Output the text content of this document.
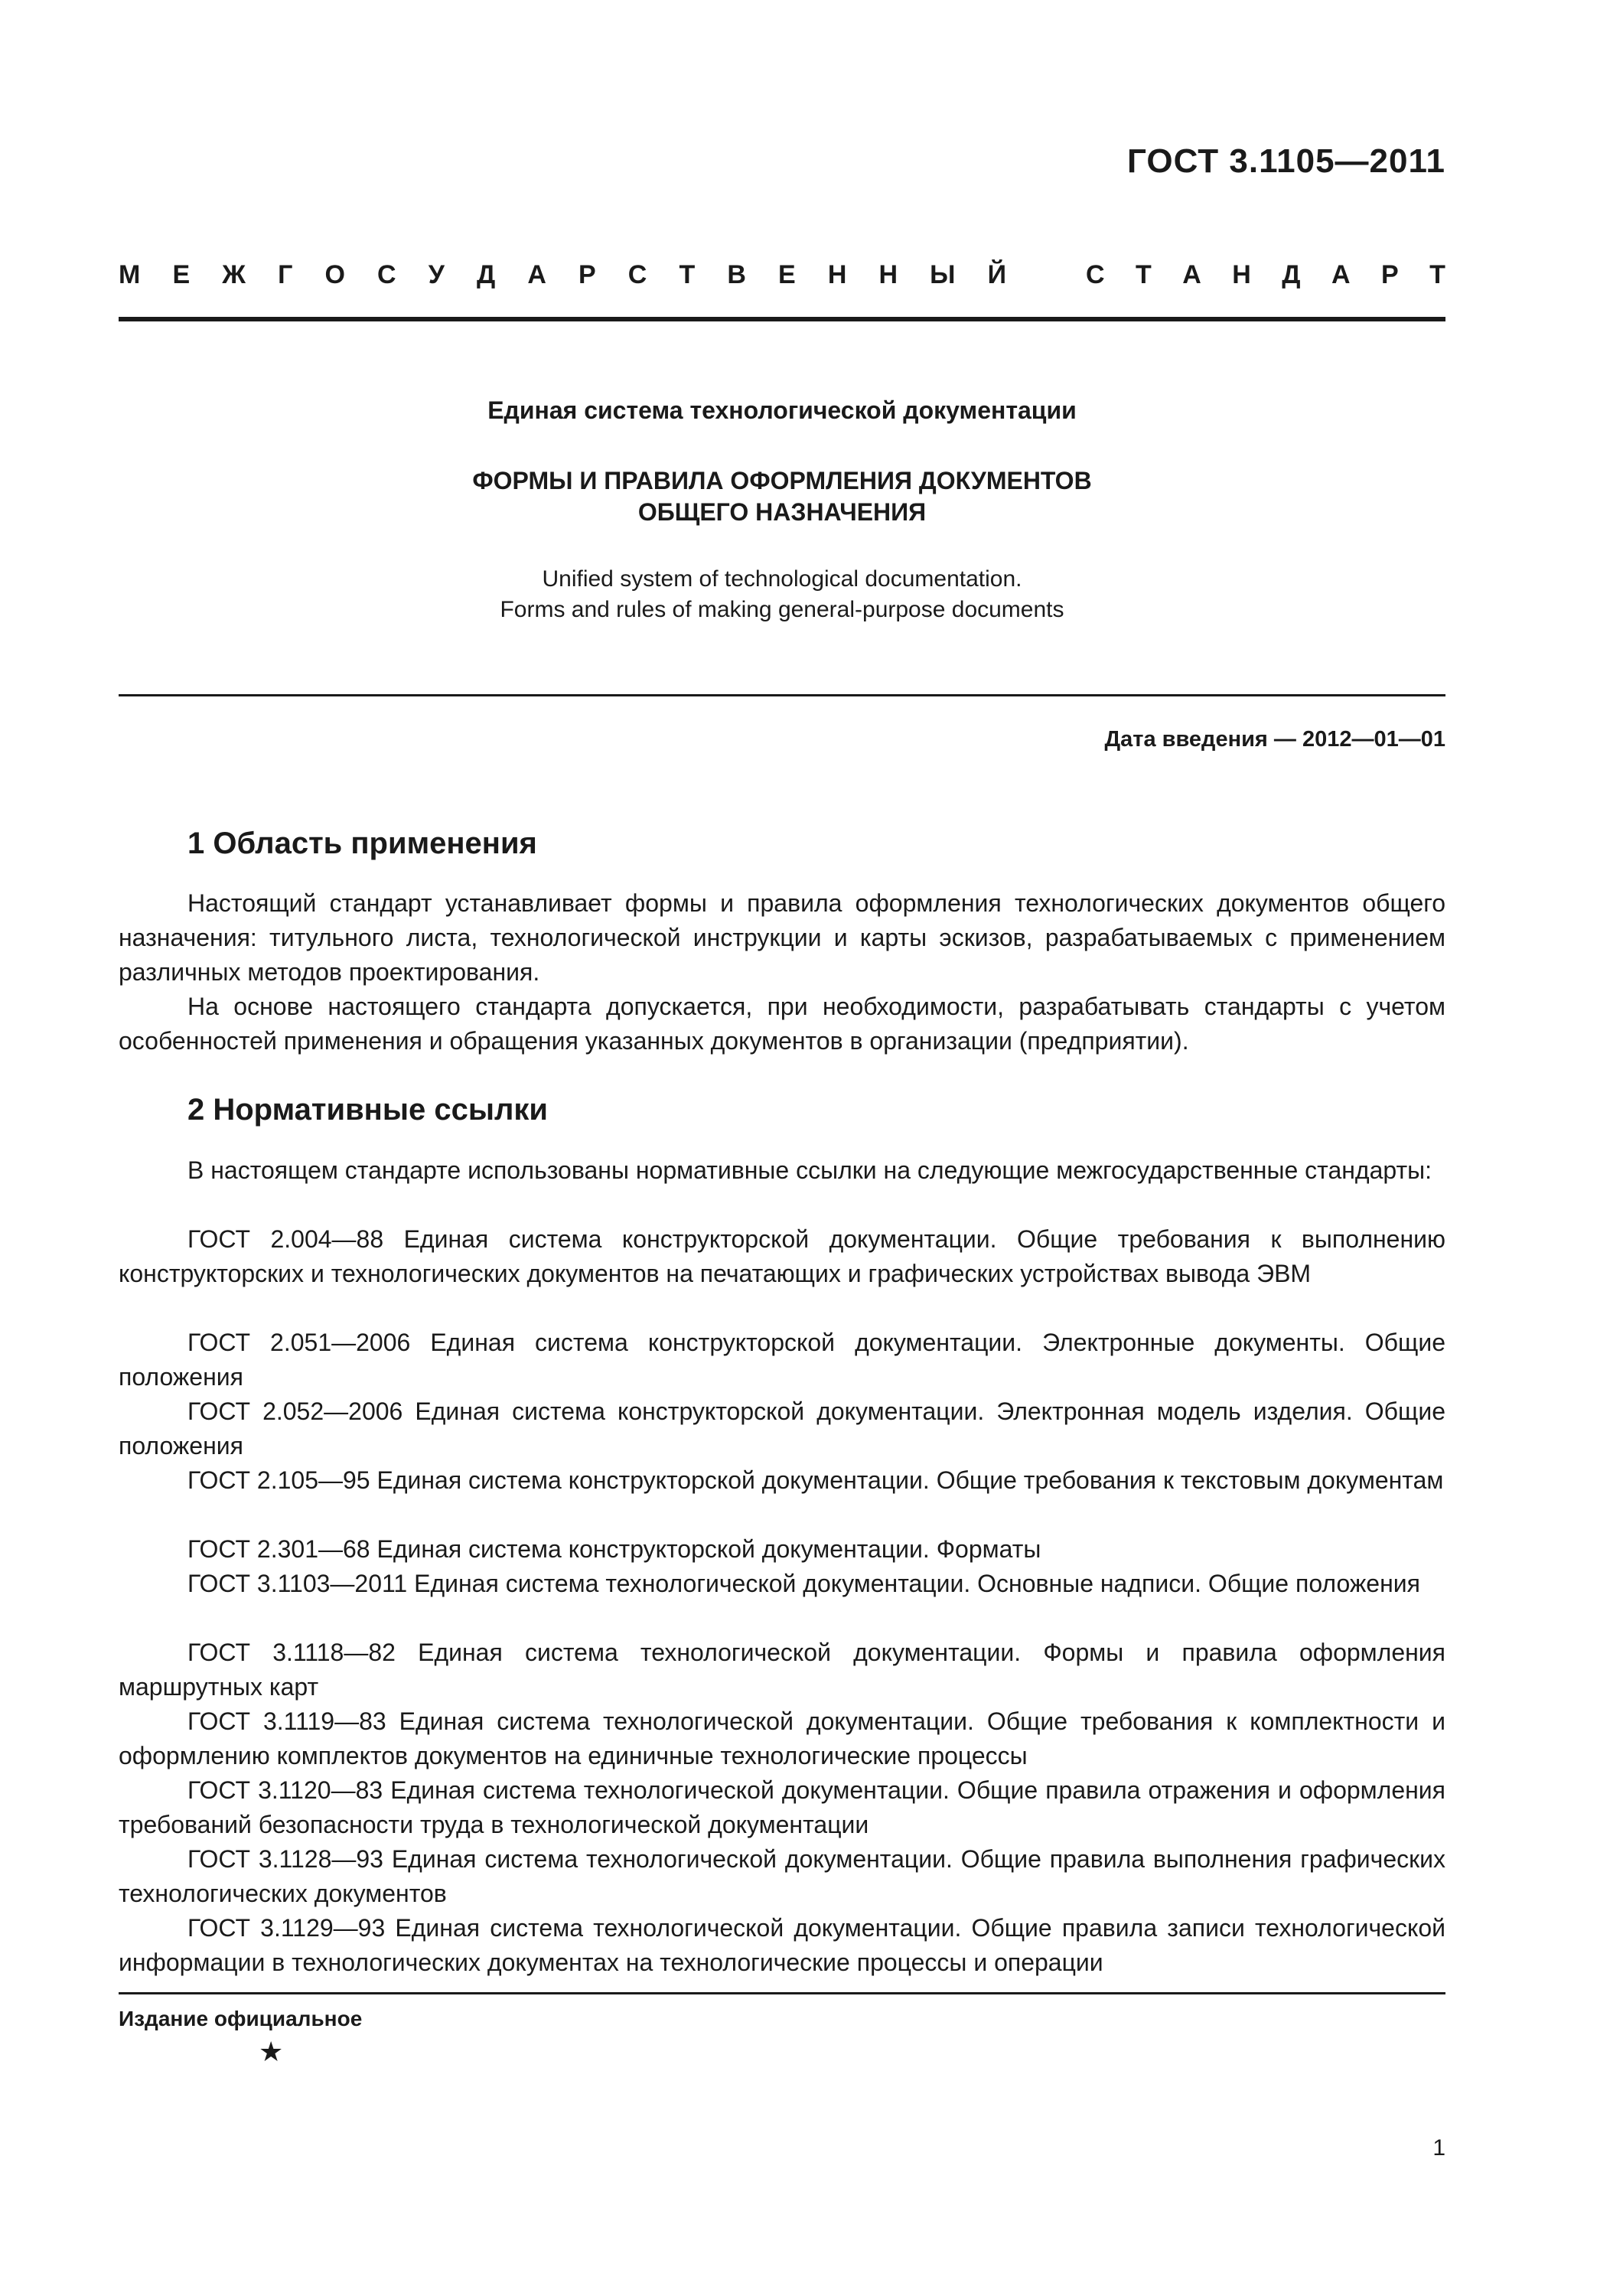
ГОСТ 3.1105—2011
М Е Ж Г О С У Д А Р С Т В Е Н Н Ы Й	С Т А Н Д А Р Т
Единая система технологической документации
ФОРМЫ И ПРАВИЛА ОФОРМЛЕНИЯ ДОКУМЕНТОВ
ОБЩЕГО НАЗНАЧЕНИЯ
Unified system of technological documentation.
Forms and rules of making general-purpose documents
Дата введения — 2012—01—01
1 Область применения
Настоящий стандарт устанавливает формы и правила оформления технологических документов общего назначения: титульного листа, технологической инструкции и карты эскизов, разрабатываемых с применением различных методов проектирования.
На основе настоящего стандарта допускается, при необходимости, разрабатывать стандарты с учетом особенностей применения и обращения указанных документов в организации (предприятии).
2 Нормативные ссылки
В настоящем стандарте использованы нормативные ссылки на следующие межгосударственные стандарты:
ГОСТ 2.004—88 Единая система конструкторской документации. Общие требования к выполнению конструкторских и технологических документов на печатающих и графических устройствах вывода ЭВМ
ГОСТ 2.051—2006 Единая система конструкторской документации. Электронные документы. Общие положения
ГОСТ 2.052—2006 Единая система конструкторской документации. Электронная модель изделия. Общие положения
ГОСТ 2.105—95 Единая система конструкторской документации. Общие требования к текстовым документам
ГОСТ 2.301—68 Единая система конструкторской документации. Форматы
ГОСТ 3.1103—2011 Единая система технологической документации. Основные надписи. Общие положения
ГОСТ 3.1118—82 Единая система технологической документации. Формы и правила оформления маршрутных карт
ГОСТ 3.1119—83 Единая система технологической документации. Общие требования к комплектности и оформлению комплектов документов на единичные технологические процессы
ГОСТ 3.1120—83 Единая система технологической документации. Общие правила отражения и оформления требований безопасности труда в технологической документации
ГОСТ 3.1128—93 Единая система технологической документации. Общие правила выполнения графических технологических документов
ГОСТ 3.1129—93 Единая система технологической документации. Общие правила записи технологической информации в технологических документах на технологические процессы и операции
Издание официальное
★
1
